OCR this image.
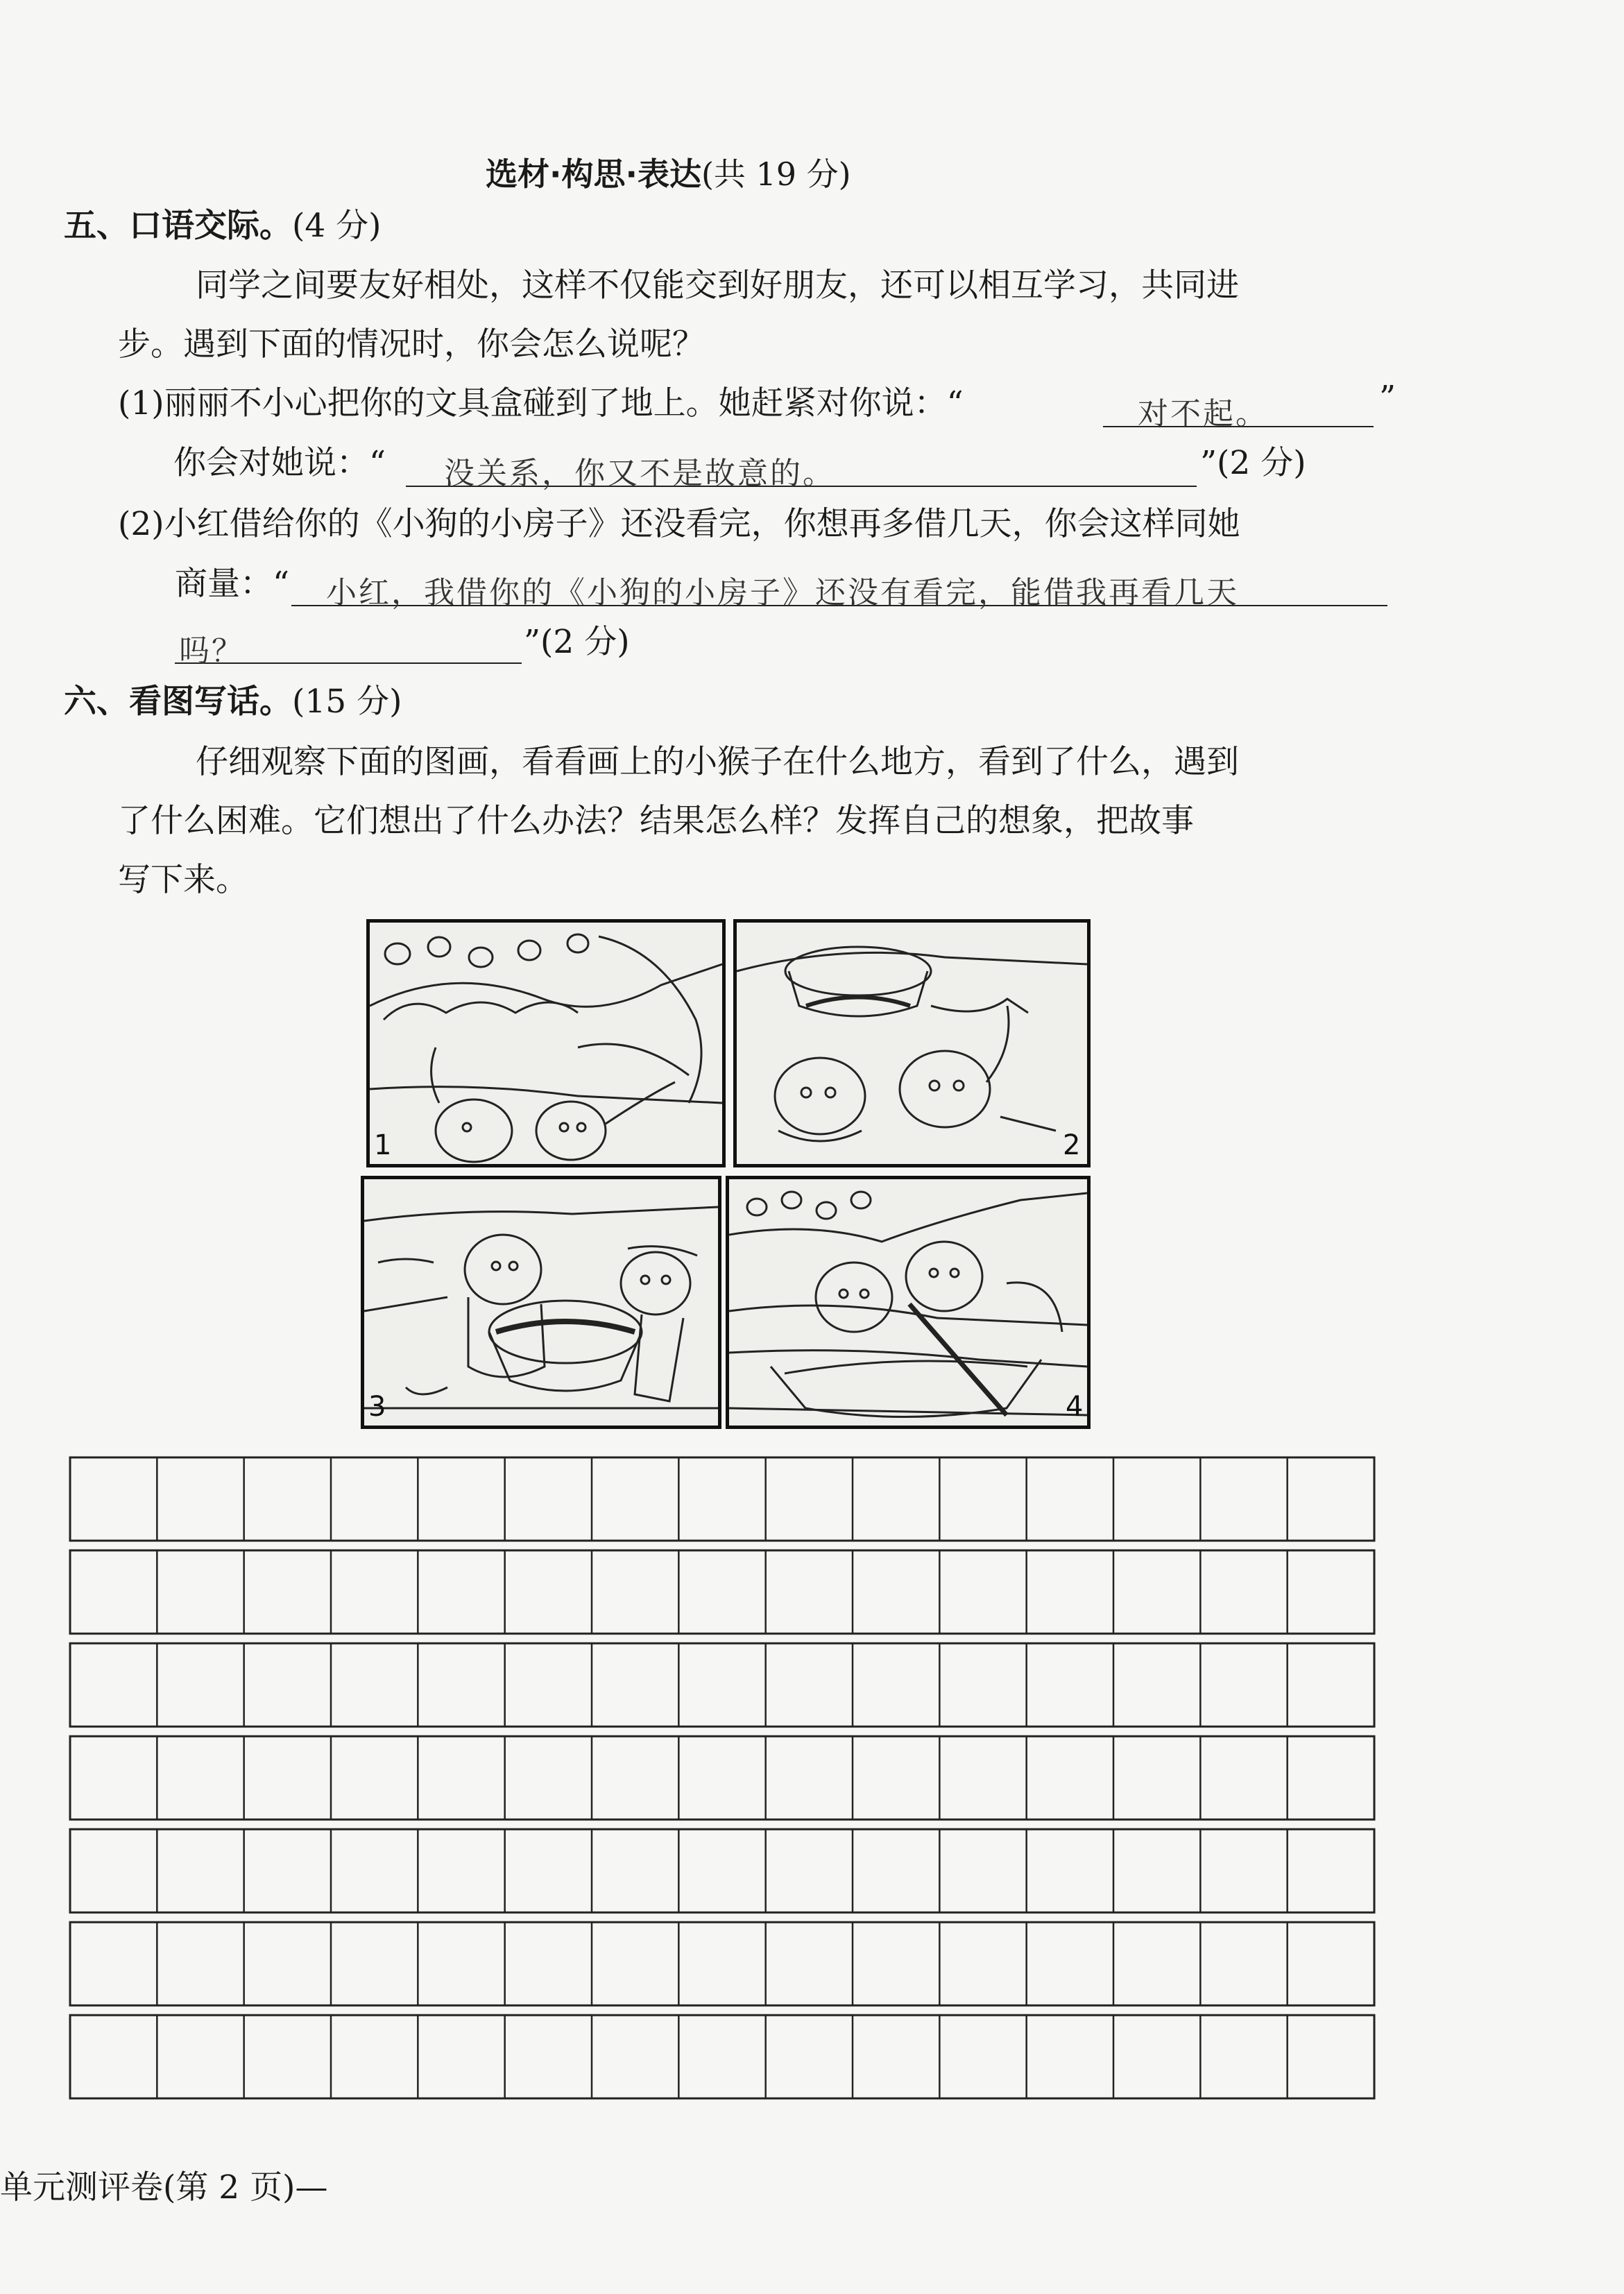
选材·构思·表达(共 19 分)
五、口语交际。(4 分)
同学之间要友好相处，这样不仅能交到好朋友，还可以相互学习，共同进
步。遇到下面的情况时，你会怎么说呢？
(1)丽丽不小心把你的文具盒碰到了地上。她赶紧对你说：“	对不起。	”
你会对她说：“ 没关系，你又不是故意的。	”(2 分)
(2)小红借给你的《小狗的小房子》还没看完，你想再多借几天，你会这样同她
商量：“ 小红，我借你的《小狗的小房子》还没有看完，能借我再看几天
吗？	”(2 分)
六、看图写话。(15 分)
仔细观察下面的图画，看看画上的小猴子在什么地方，看到了什么，遇到
了什么困难。它们想出了什么办法？结果怎么样？发挥自己的想象，把故事
写下来。
1	2
3	4
单元测评卷(第 2 页)—
